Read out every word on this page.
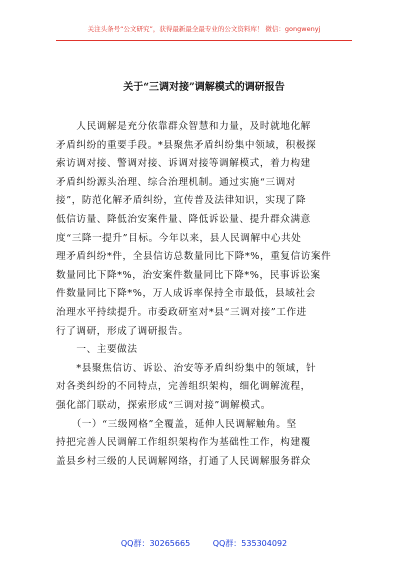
关注头条号“公文研究”，获得最新最全最专业的公文资料库！ 微信：gongwenyj
关于“三调对接”调解模式的调研报告
　　人民调解是充分依靠群众智慧和力量，及时就地化解
矛盾纠纷的重要手段。*县聚焦矛盾纠纷集中领域，积极探
索访调对接、警调对接、诉调对接等调解模式，着力构建
矛盾纠纷源头治理、综合治理机制。通过实施“三调对
接”，防范化解矛盾纠纷，宣传普及法律知识，实现了降
低信访量、降低治安案件量、降低诉讼量、提升群众满意
度“三降一提升”目标。今年以来，县人民调解中心共处
理矛盾纠纷*件，全县信访总数量同比下降*%，重复信访案件
数量同比下降*%，治安案件数量同比下降*%，民事诉讼案
件数量同比下降*%，万人成诉率保持全市最低，县域社会
治理水平持续提升。市委政研室对*县“三调对接”工作进
行了调研，形成了调研报告。
　　一、主要做法
　　*县聚焦信访、诉讼、治安等矛盾纠纷集中的领域，针
对各类纠纷的不同特点，完善组织架构，细化调解流程，
强化部门联动，探索形成“三调对接”调解模式。
　　（一）“三级网格”全覆盖，延伸人民调解触角。坚
持把完善人民调解工作组织架构作为基础性工作，构建覆
盖县乡村三级的人民调解网络，打通了人民调解服务群众
QQ群：30265665	QQ群：535304092
